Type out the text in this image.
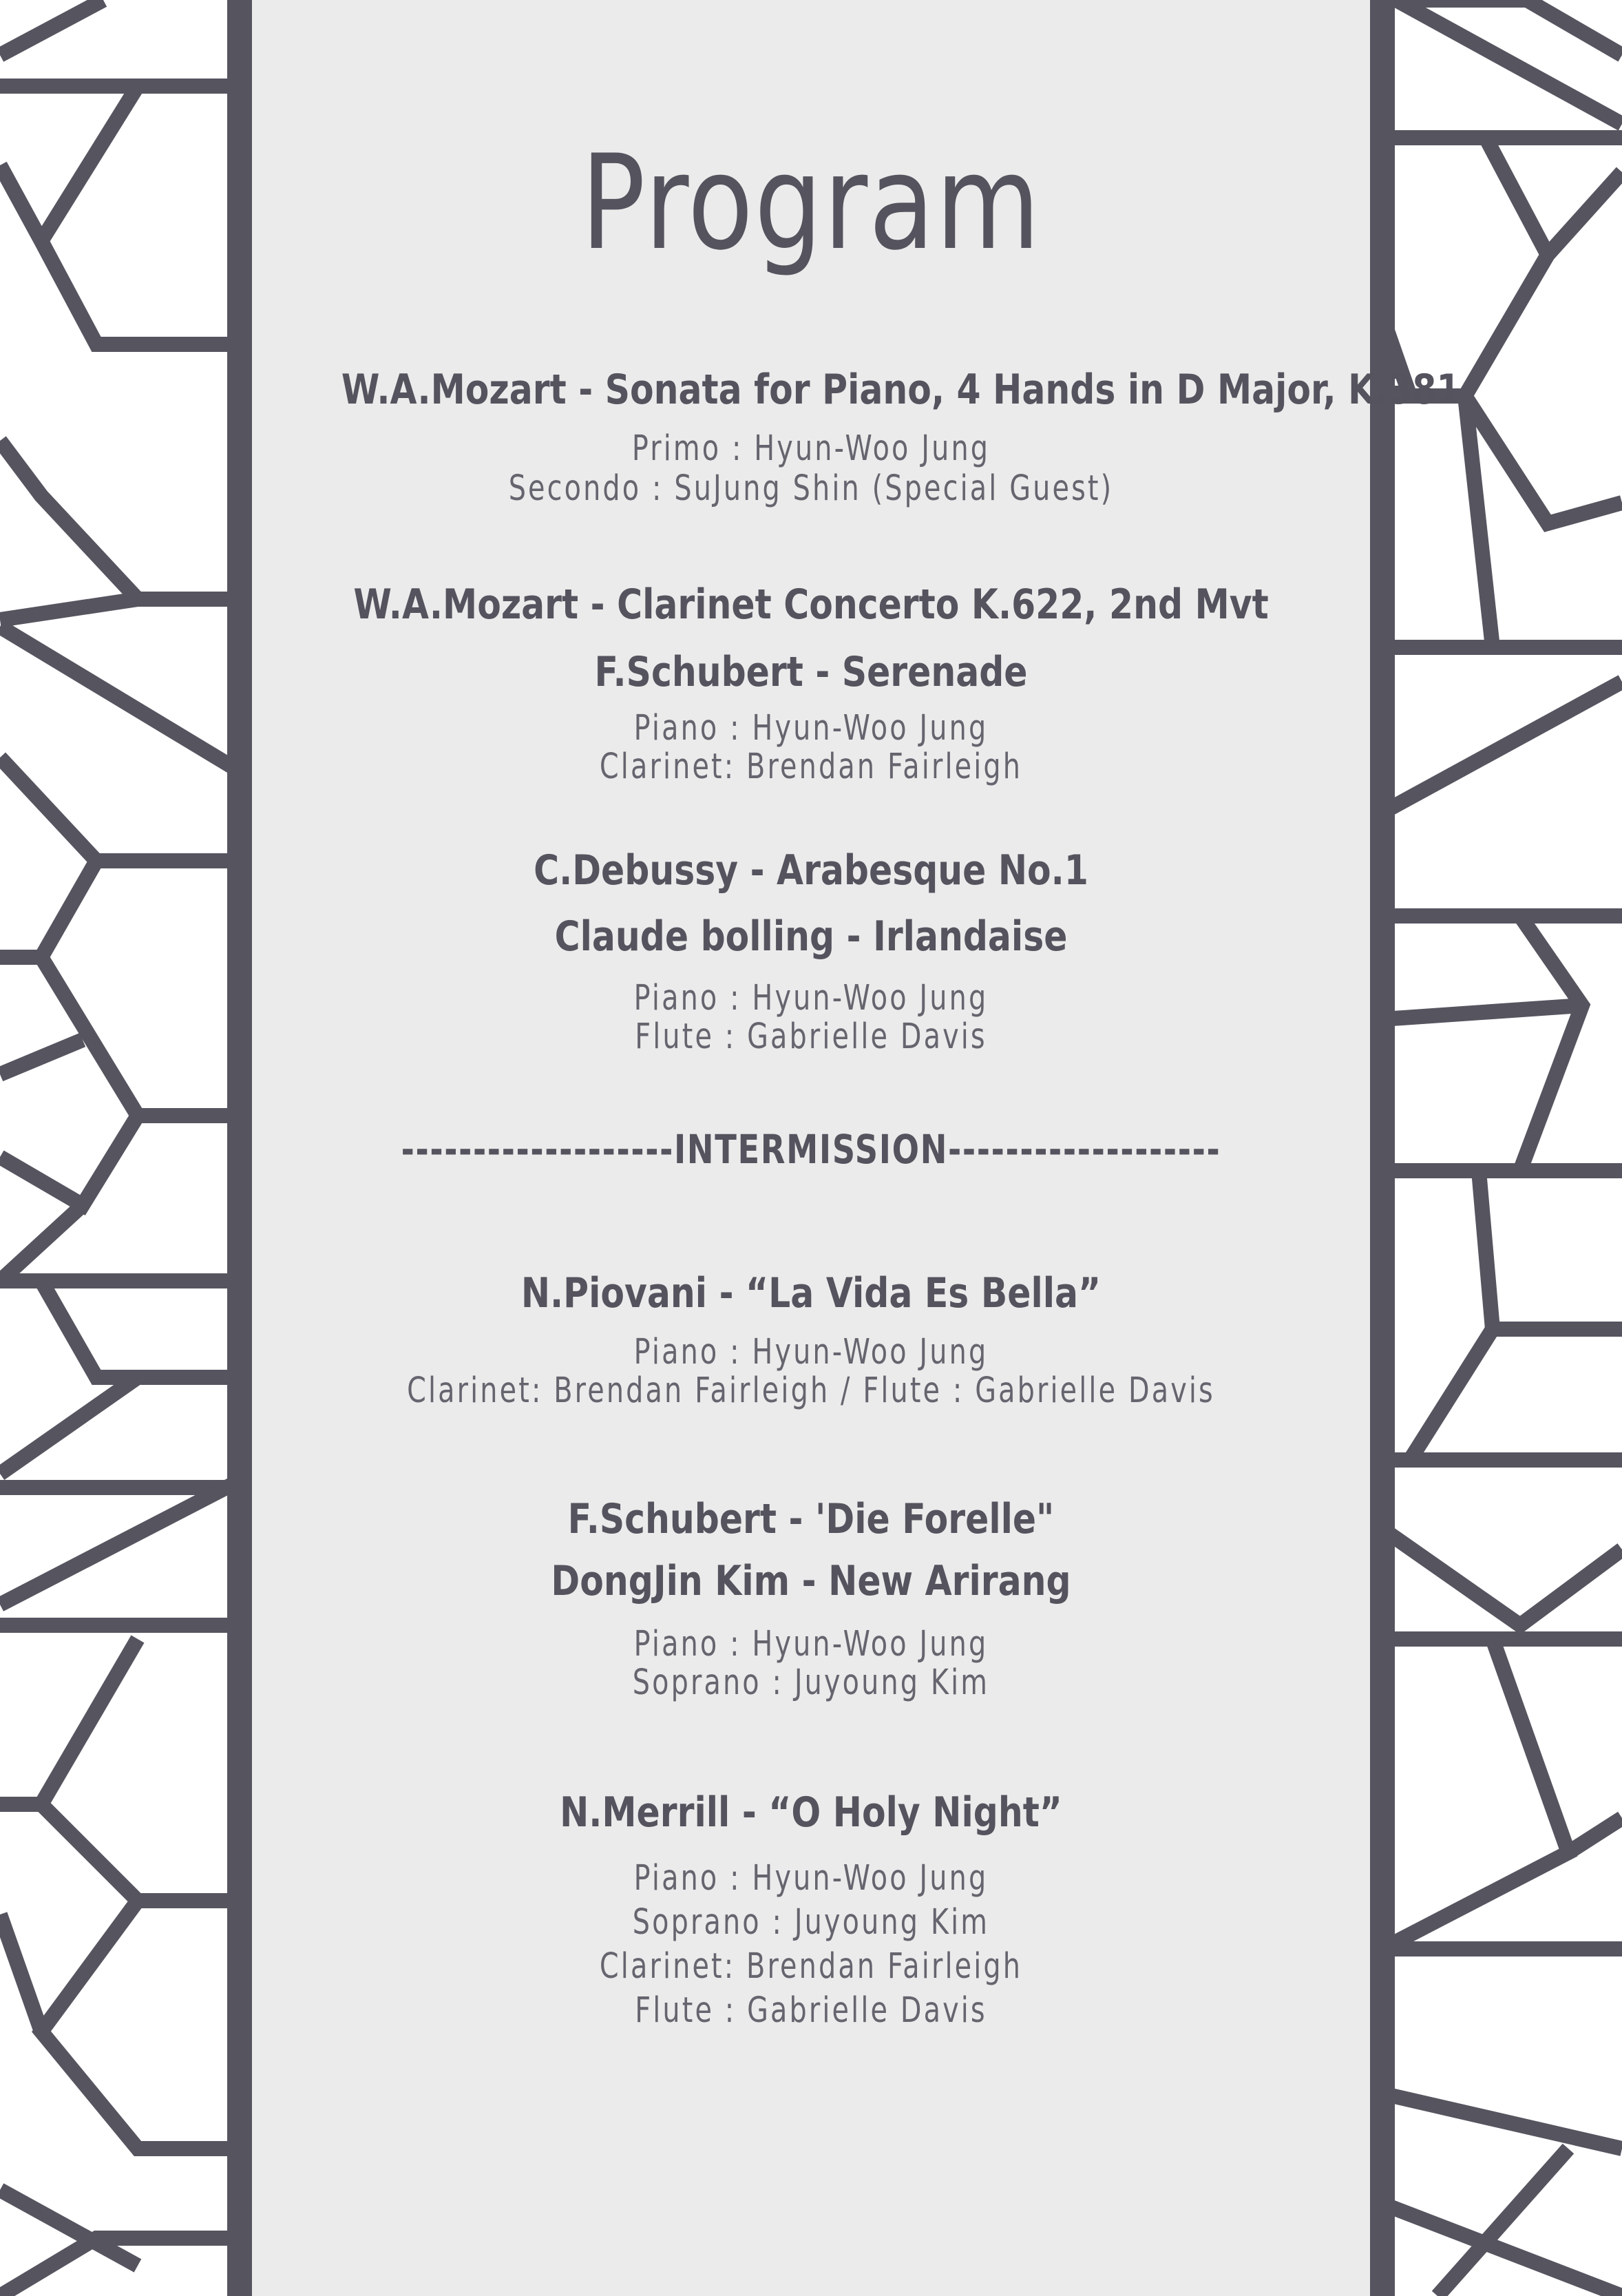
Program
W.A.Mozart - Sonata for Piano, 4 Hands in D Major, K.381
Primo : Hyun-Woo Jung
Secondo : SuJung Shin (Special Guest)
W.A.Mozart - Clarinet Concerto K.622, 2nd Mvt
F.Schubert - Serenade
Piano : Hyun-Woo Jung
Clarinet: Brendan Fairleigh
C.Debussy - Arabesque No.1
Claude bolling - Irlandaise
Piano : Hyun-Woo Jung
Flute : Gabrielle Davis
-------------------INTERMISSION-------------------
N.Piovani - “La Vida Es Bella”
Piano : Hyun-Woo Jung
Clarinet: Brendan Fairleigh / Flute : Gabrielle Davis
F.Schubert - 'Die Forelle"
DongJin Kim - New Arirang
Piano : Hyun-Woo Jung
Soprano : Juyoung Kim
N.Merrill - “O Holy Night”
Piano : Hyun-Woo Jung
Soprano : Juyoung Kim
Clarinet: Brendan Fairleigh
Flute : Gabrielle Davis
